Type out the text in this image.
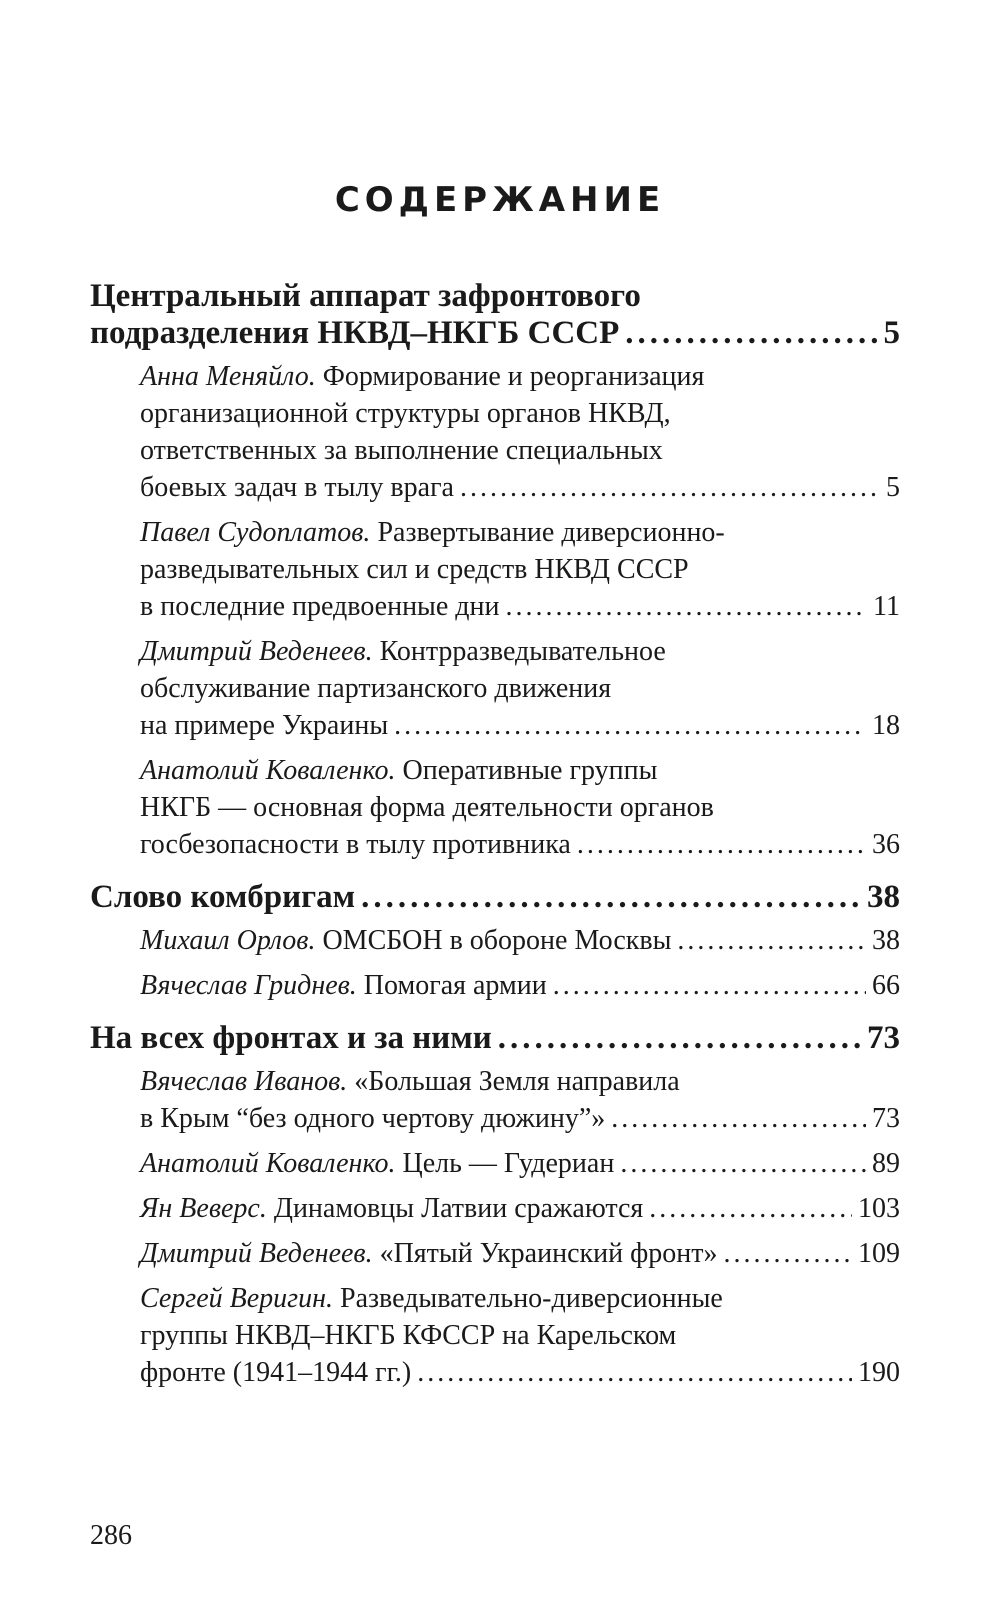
СОДЕРЖАНИЕ
Центральный аппарат зафронтового
подразделения НКВД–НКГБ СССР .....	5
Анна Меняйло. Формирование и реорганизация
организационной структуры органов НКВД,
ответственных за выполнение специальных
боевых задач в тылу врага .....	5
Павел Судоплатов. Развертывание диверсионно-
разведывательных сил и средств НКВД СССР
в последние предвоенные дни .....	11
Дмитрий Веденеев. Контрразведывательное
обслуживание партизанского движения
на примере Украины .....	18
Анатолий Коваленко. Оперативные группы
НКГБ — основная форма деятельности органов
госбезопасности в тылу противника .....	36
Слово комбригам .....	38
Михаил Орлов. ОМСБОН в обороне Москвы .....	38
Вячеслав Гриднев. Помогая армии .....	66
На всех фронтах и за ними .....	73
Вячеслав Иванов. «Большая Земля направила
в Крым “без одного чертову дюжину”» .....	73
Анатолий Коваленко. Цель — Гудериан .....	89
Ян Веверс. Динамовцы Латвии сражаются .....	103
Дмитрий Веденеев. «Пятый Украинский фронт» .....	109
Сергей Веригин. Разведывательно-диверсионные
группы НКВД–НКГБ КФССР на Карельском
фронте (1941–1944 гг.) .....	190
286
